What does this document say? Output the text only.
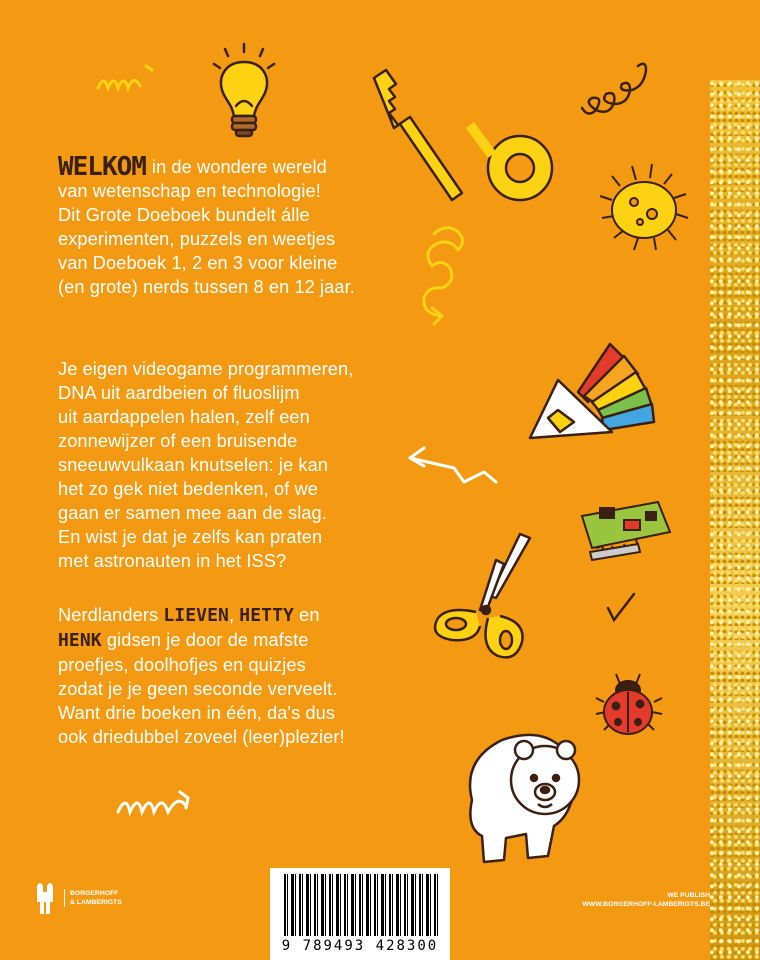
WELKOM in de wondere wereld
van wetenschap en technologie!
Dit Grote Doeboek bundelt álle
experimenten, puzzels en weetjes
van Doeboek 1, 2 en 3 voor kleine
(en grote) nerds tussen 8 en 12 jaar.
Je eigen videogame programmeren,
DNA uit aardbeien of fluoslijm
uit aardappelen halen, zelf een
zonnewijzer of een bruisende
sneeuwvulkaan knutselen: je kan
het zo gek niet bedenken, of we
gaan er samen mee aan de slag.
En wist je dat je zelfs kan praten
met astronauten in het ISS?
Nerdlanders LIEVEN, HETTY en
HENK gidsen je door de mafste
proefjes, doolhofjes en quizjes
zodat je je geen seconde verveelt.
Want drie boeken in één, da's dus
ook driedubbel zoveel (leer)plezier!
BORGERHOFF
& LAMBERIGTS
9 789493 428300
WE PUBLISH
WWW.BORGERHOFF-LAMBERIGTS.BE
